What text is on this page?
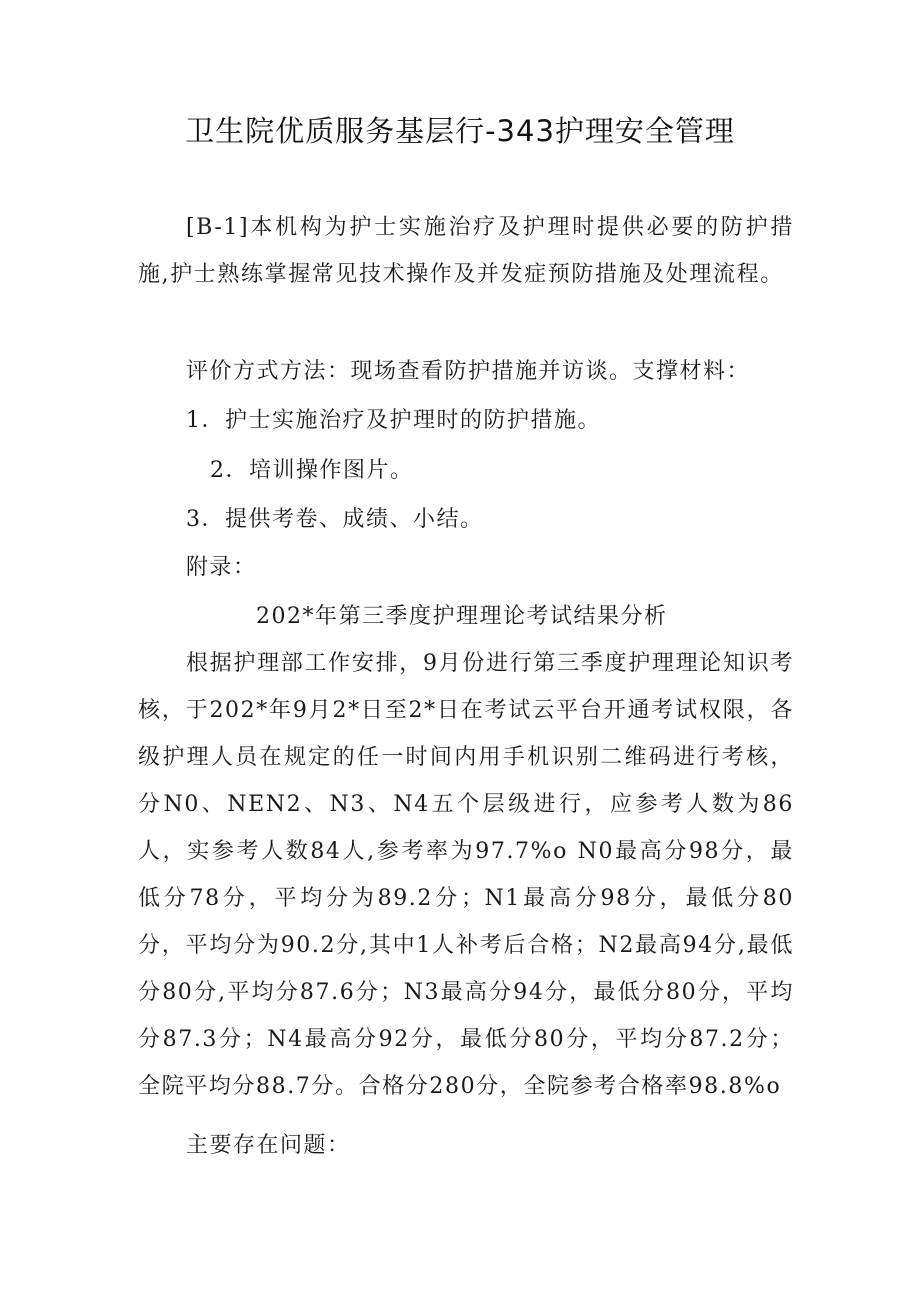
卫生院优质服务基层行-343护理安全管理
[B-1]本机构为护士实施治疗及护理时提供必要的防护措施,护士熟练掌握常见技术操作及并发症预防措施及处理流程。
评价方式方法：现场查看防护措施并访谈。支撑材料：
1．护士实施治疗及护理时的防护措施。
2．培训操作图片。
3．提供考卷、成绩、小结。
附录：
202*年第三季度护理理论考试结果分析
根据护理部工作安排，9月份进行第三季度护理理论知识考核，于202*年9月2*日至2*日在考试云平台开通考试权限，各级护理人员在规定的任一时间内用手机识别二维码进行考核，分N0、NEN2、N3、N4五个层级进行，应参考人数为86人，实参考人数84人,参考率为97.7%o N0最高分98分，最低分78分，平均分为89.2分；N1最高分98分，最低分80分，平均分为90.2分,其中1人补考后合格；N2最高94分,最低分80分,平均分87.6分；N3最高分94分，最低分80分，平均分87.3分；N4最高分92分，最低分80分，平均分87.2分；全院平均分88.7分。合格分280分，全院参考合格率98.8%o
主要存在问题：
